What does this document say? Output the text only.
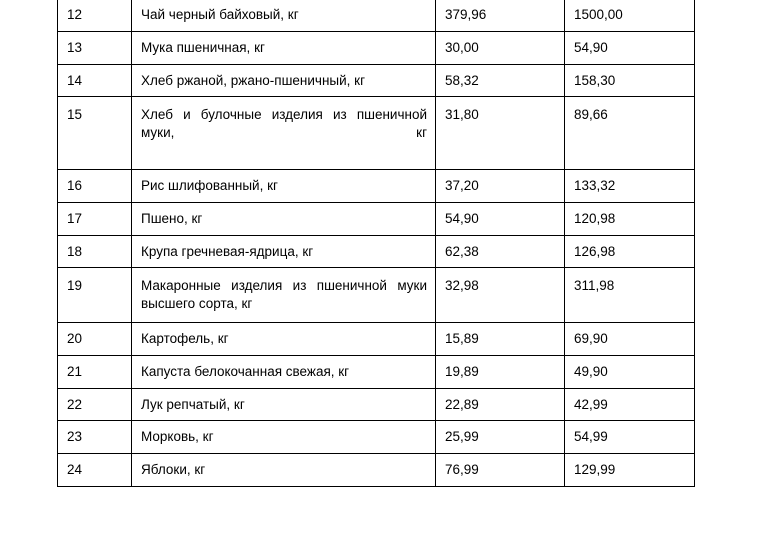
12	Чай черный байховый, кг	379,96	1500,00
13	Мука пшеничная, кг	30,00	54,90
14	Хлеб ржаной, ржано-пшеничный, кг	58,32	158,30
15	Хлеб и булочные изделия из пшеничной муки, кг	31,80	89,66
16	Рис шлифованный, кг	37,20	133,32
17	Пшено, кг	54,90	120,98
18	Крупа гречневая-ядрица, кг	62,38	126,98
19	Макаронные изделия из пшеничной муки высшего сорта, кг	32,98	311,98
20	Картофель, кг	15,89	69,90
21	Капуста белокочанная свежая, кг	19,89	49,90
22	Лук репчатый, кг	22,89	42,99
23	Морковь, кг	25,99	54,99
24	Яблоки, кг	76,99	129,99
